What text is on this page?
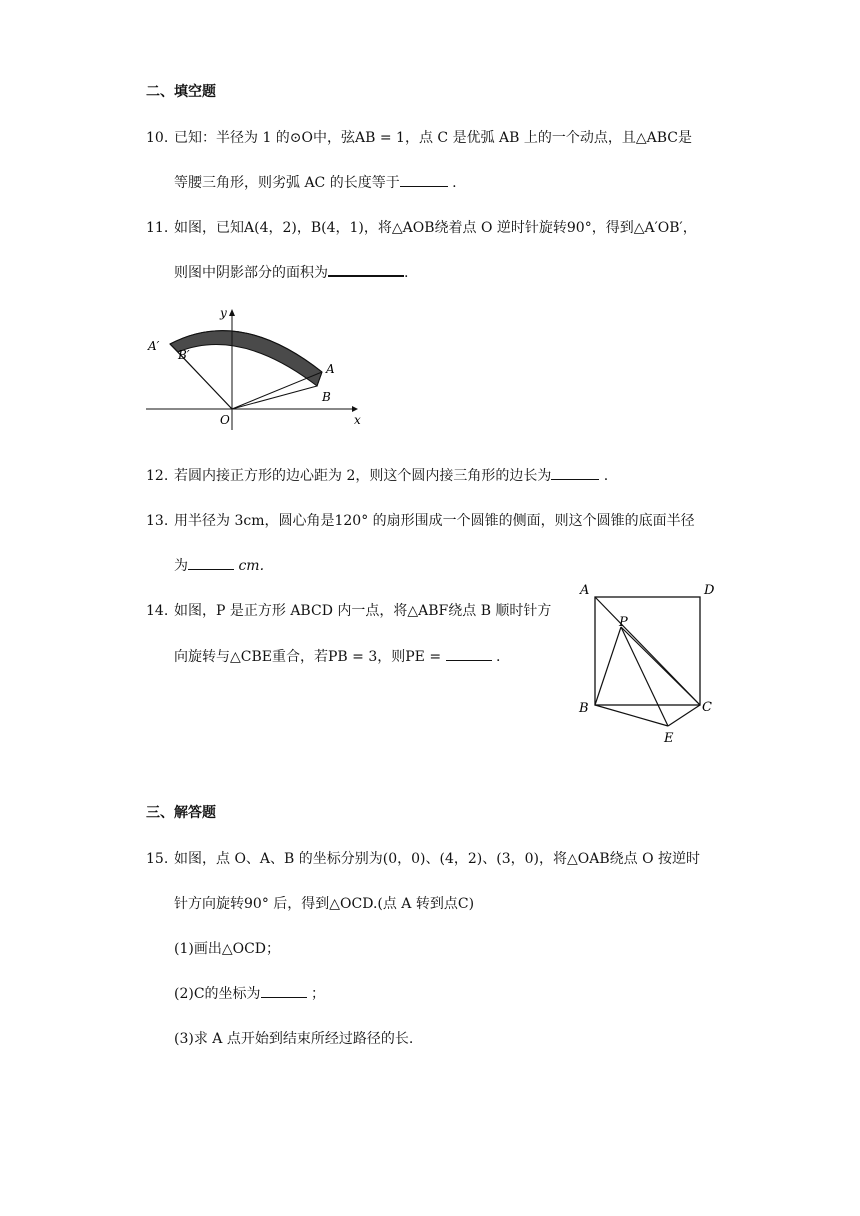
二、填空题
10. 已知：半径为 1 的⊙O中，弦AB = 1，点 C 是优弧 AB 上的一个动点，且△ABC是
等腰三角形，则劣弧 AC 的长度等于	.
11. 如图，已知A(4，2)，B(4，1)，将△AOB绕着点 O 逆时针旋转90°，得到△A′OB′，
则图中阴影部分的面积为	.
A′
B′
A
B
O	x
y
12. 若圆内接正方形的边心距为 2，则这个圆内接三角形的边长为	.
13. 用半径为 3cm，圆心角是120° 的扇形围成一个圆锥的侧面，则这个圆锥的底面半径
为	cm.
14. 如图，P 是正方形 ABCD 内一点，将△ABF绕点 B 顺时针方
向旋转与△CBE重合，若PB = 3，则PE =	.
A	D
P
B	C
E
三、解答题
15. 如图，点 O、A、B 的坐标分别为(0，0)、(4，2)、(3，0)，将△OAB绕点 O 按逆时
针方向旋转90° 后，得到△OCD.(点 A 转到点C)
(1)画出△OCD；
(2)C的坐标为	；
(3)求 A 点开始到结束所经过路径的长.
